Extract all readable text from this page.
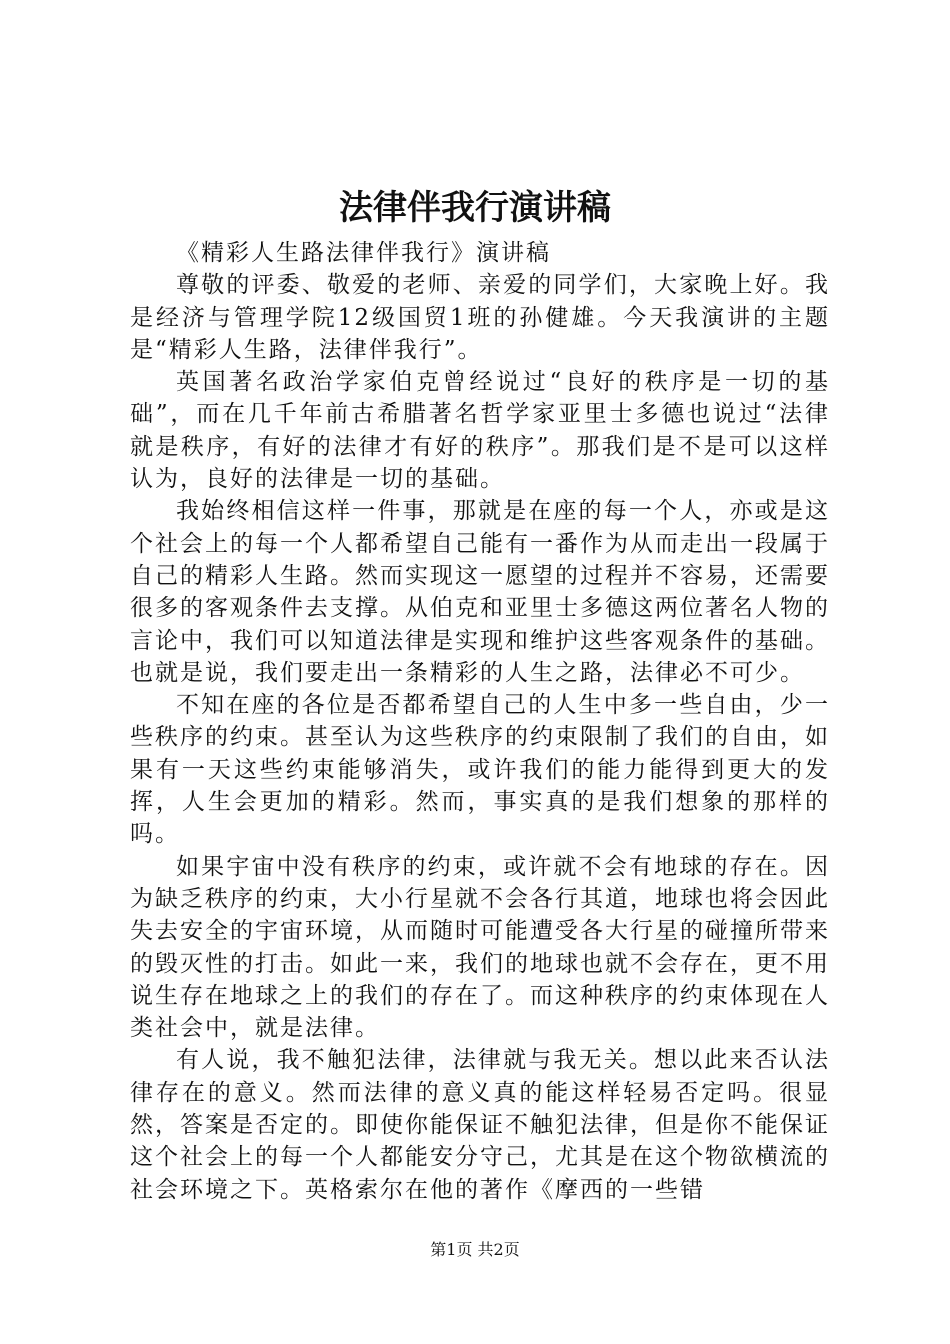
法律伴我行演讲稿

《精彩人生路法律伴我行》演讲稿

尊敬的评委、敬爱的老师、亲爱的同学们，大家晚上好。我是经济与管理学院12级国贸1班的孙健雄。今天我演讲的主题是“精彩人生路，法律伴我行”。

英国著名政治学家伯克曾经说过“良好的秩序是一切的基础”，而在几千年前古希腊著名哲学家亚里士多德也说过“法律就是秩序，有好的法律才有好的秩序”。那我们是不是可以这样认为，良好的法律是一切的基础。

我始终相信这样一件事，那就是在座的每一个人，亦或是这个社会上的每一个人都希望自己能有一番作为从而走出一段属于自己的精彩人生路。然而实现这一愿望的过程并不容易，还需要很多的客观条件去支撑。从伯克和亚里士多德这两位著名人物的言论中，我们可以知道法律是实现和维护这些客观条件的基础。也就是说，我们要走出一条精彩的人生之路，法律必不可少。

不知在座的各位是否都希望自己的人生中多一些自由，少一些秩序的约束。甚至认为这些秩序的约束限制了我们的自由，如果有一天这些约束能够消失，或许我们的能力能得到更大的发挥，人生会更加的精彩。然而，事实真的是我们想象的那样的吗。

如果宇宙中没有秩序的约束，或许就不会有地球的存在。因为缺乏秩序的约束，大小行星就不会各行其道，地球也将会因此失去安全的宇宙环境，从而随时可能遭受各大行星的碰撞所带来的毁灭性的打击。如此一来，我们的地球也就不会存在，更不用说生存在地球之上的我们的存在了。而这种秩序的约束体现在人类社会中，就是法律。

有人说，我不触犯法律，法律就与我无关。想以此来否认法律存在的意义。然而法律的意义真的能这样轻易否定吗。很显然，答案是否定的。即使你能保证不触犯法律，但是你不能保证这个社会上的每一个人都能安分守己，尤其是在这个物欲横流的社会环境之下。英格索尔在他的著作《摩西的一些错

第1页 共2页
